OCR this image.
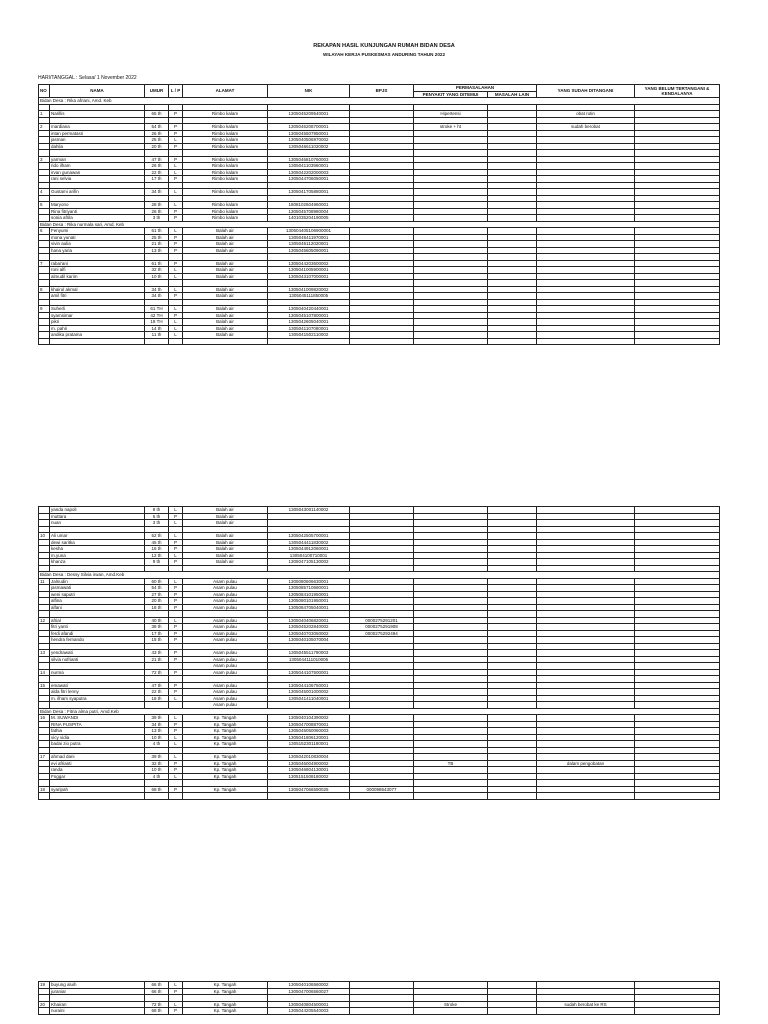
REKAPAN HASIL KUNJUNGAN RUMAH BIDAN DESA
WILAYAH KERJA PUSKESMAS ANDURING TAHUN 2022
HARI/TANGGAL : Selasa/ 1 November 2022
NO	NAMA	UMUR	L / P	ALAMAT	NIK	BPJS	PERMASALAHAN		YANG SUDAH DITANGANI	YANG BELUM TERTANGANI & KENDALANYA
							PENYAKIT YANG DITEMUI	MASALAH LAIN		
Bidan Desa : Rika afriani, Amd. Keb										

1	Narillis	65 th	P	Rimbo kalam	1305045209540001		Hipertensi		obat rutin	

2	mardiana	54 th	P	Rimbo kalam	1305046208700001		stroke + ht		sudah berobat	
	intan permatasri	26 th	P	Rimbo kalam	1305045507950001					
	jasman	25 th	L	Rimbo kalam	1305040506970002					
	dahlia	20 th	P	Rimbo kalam	1305046611020002					

3	yarman	47 th	P	Rimbo kalam	1305046810760003					
	rido ilham	26 th	L	Rimbo kalam	1305041103960001					
	irvan gunawan	22 th	L	Rimbo kalam	1305042202000003					
	rani selvia	17 th	P	Rimbo kalam	1305044706050001					

4	Gustami arifin	34 th	L	Rimbo kalam	1305041705880001					

5	Maryono	28 th	L	Rimbo kalam	1808102604960001					
	Rina fitriyanti	26 th	P	Rimbo kalam	1305045708980004					
	sonia afrila	3 th	P	Rimbo kalam	1401035204190005					
Bidan Desa : Rika nurmala sari, Amd. Keb										
6	Fenyumi	61 th	L	Balah air	130504405106900001					
	mona yunati	25 th	P	Balah air	1305046411970001					
	vivin aulia	21 th	P	Balah air	1305046112020001					
	hana yaria	13 th	P	Balah air	1305045605090001					

7	rabai'ani	61 th	P	Balah air	1305044203600002					
	roni alfi	32 th	L	Balah air	1305041005900001					
	almudil karim	10 th	L	Balah air	1305043107000001					

8	khairul akmal	34 th	L	Balah air	1305041009820002					
	amil fitri	34 th	P	Balah air	1305045111850005					

9	Suherli	61 TH	L	Balah air	1305040420440001					
	syamsimar	42 TH	P	Balah air	1305045107800001					
	pikri	18 TH	L	Balah air	1305042605040001					
	m. pahri	14 th	L	Balah air	1305041107080001					
	andika pratama	11 th	L	Balah air	1305041502110002					

	yanda napoli	8 th	L	Balah air	1305043001140002					
	muttara	6 th	P	Balah air						
	nuan	3 th	L	Balah air						

10	Ali umar	52 th	L	Balah air	1305042505700001					
	dewi saritka	45 th	P	Balah air	1305044411830002					
	kesha	16 th	P	Balah air	1305044912060001					
	m.yuna	12 th	L	Balah air	130504100710001					
	khanza	9 th	P	Balah air	1305047105130002					

Bidan Desa : Dessy Silvia irwan, Amd.Keb										
11	Jalnudin	60 th	L	Asam pulau	1305080606630001					
	jasmawati	54 th	P	Asam pulau	1305085710680001					
	weni saputri	27 th	P	Asam pulau	1305084101950001					
	alfina	20 th	P	Asam pulau	1305080101950001					
	alfani	18 th	P	Asam pulau	1305084705040001					

12	afrial	40 th	L	Asam pulau	1305040406820001	0000275291201				
	fitri yanti	38 th	P	Asam pulau	1305045202840002	0000275291908				
	ferdi afandi	17 th	P	Asam pulau	1305040703050002	0000275292494				
	hendra fernando	15 th	P	Asam pulau	1305040105070004					

13	yendrawati	43 th	P	Asam pulau	1305045511790003					
	silvia nofrianti	21 th	P	Asam pulau	1305044111010005					
				Asam pulau						
14	nurma	72 th	P	Asam pulau	1305044107500001					

15	emawati	47 th	P	Asam pulau	1305044106750001					
	alda fitri lenny	22 th	P	Asam pulau	1305045001000002					
	m. ilham syaputra	18 th	L	Asam pulau	1305041411040001					
				Asam pulau						
Bidan Desa : Fitria alma putri, Amd.Keb										
16	M. SUWANDI	39 th	L	Kp. Tangah	1305040104390002					
	RINA PUSPITA	34 th	P	Kp. Tangah	1305047008870001					
	fathia	13 th	P	Kp. Tangah	1305045050060003					
	vicy vidia	10 th	L	Kp. Tangah	1305041806120001					
	badai zio putra	4 th	L	Kp. Tangah	1305152301180001					

17	ahmad dani	39 th	L	Kp. Tangah	1305042010830004					
	evi afrianti	32 th	P	Kp. Tangah	1305046004900002		TB		dalam pengobatan	
	randa	10 th	P	Kp. Tangah	1305046804130001					
	Fnggar	4 th	L	Kp. Tangah	1305151508180002					

18	syaripah	68 th	P	Kp. Tangah	1305047066590025	000098643077				

19	buyung aluih	66 th	L	Kp. Tangah	1305040106560002					
	juraniar	66 th	P	Kp. Tangah	1305047006560027					

20	Khairan	72 th	L	Kp. Tangah	1305040804500001		Stroke		sudah berobat ke RS	
	nuraini	68 th	P	Kp. Tangah	1305044205540003					
